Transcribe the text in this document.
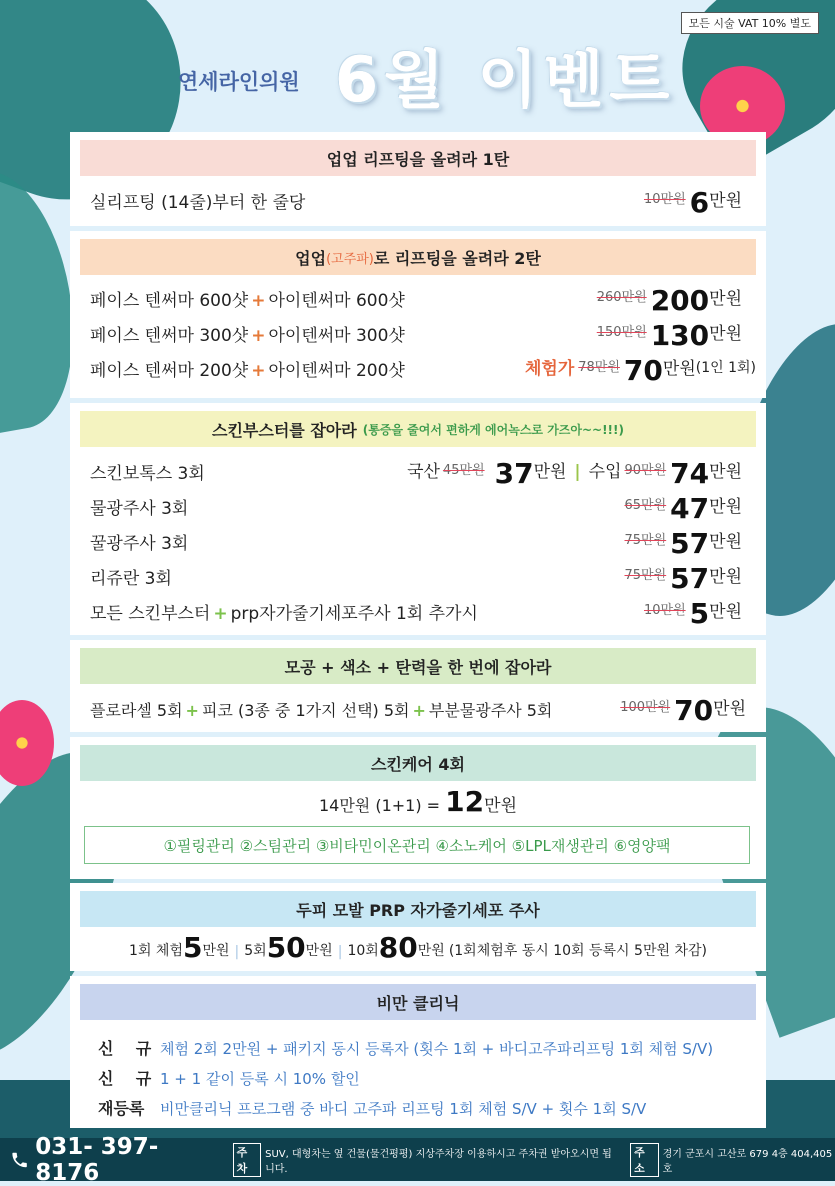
모든 시술 VAT 10% 별도
연세라인의원 6월 이벤트
업업 리프팅을 올려라 1탄
실리프팅 (14줄)부터 한 줄당	10만원 6 만원
업업 (고주파) 로 리프팅을 올려라 2탄
페이스 텐써마 600샷 + 아이텐써마 600샷	260만원 200 만원
페이스 텐써마 300샷 + 아이텐써마 300샷	150만원 130 만원
페이스 텐써마 200샷 + 아이텐써마 200샷	체험가 78만원 70 만원 (1인 1회)
스킨부스터를 잡아라 (통증을 줄여서 편하게 에어녹스로 가즈아~~!!!)
스킨보톡스 3회	국산 45만원 37 만원 | 수입 90만원 74 만원
물광주사 3회	65만원 47 만원
꿀광주사 3회	75만원 57 만원
리쥬란 3회	75만원 57 만원
모든 스킨부스터 + prp자가줄기세포주사 1회 추가시	10만원 5 만원
모공 + 색소 + 탄력을 한 번에 잡아라
플로라셀 5회 + 피코 (3종 중 1가지 선택) 5회 + 부분물광주사 5회	100만원 70 만원
스킨케어 4회
14만원 (1+1) = 12만원
①필링관리 ②스팀관리 ③비타민이온관리 ④소노케어 ⑤LPL재생관리 ⑥영양팩
두피 모발 PRP 자가줄기세포 주사
1회 체험 5 만원 | 5회 50 만원 | 10회 80 만원 (1회체험후 동시 10회 등록시 5만원 차감)
비만 클리닉
신    규 체험 2회 2만원 + 패키지 동시 등록자 (횟수 1회 + 바디고주파리프팅 1회 체험 S/V)
신    규 1 + 1 같이 등록 시 10% 할인
재등록 비만클리닉 프로그램 중 바디 고주파 리프팅 1회 체험 S/V + 횟수 1회 S/V
031- 397- 8176
주차
SUV, 대형차는 옆 건물(물건평평) 지상주차장 이용하시고 주차권 받아오시면 됩니다.
주소
경기 군포시 고산로 679 4층 404,405호
